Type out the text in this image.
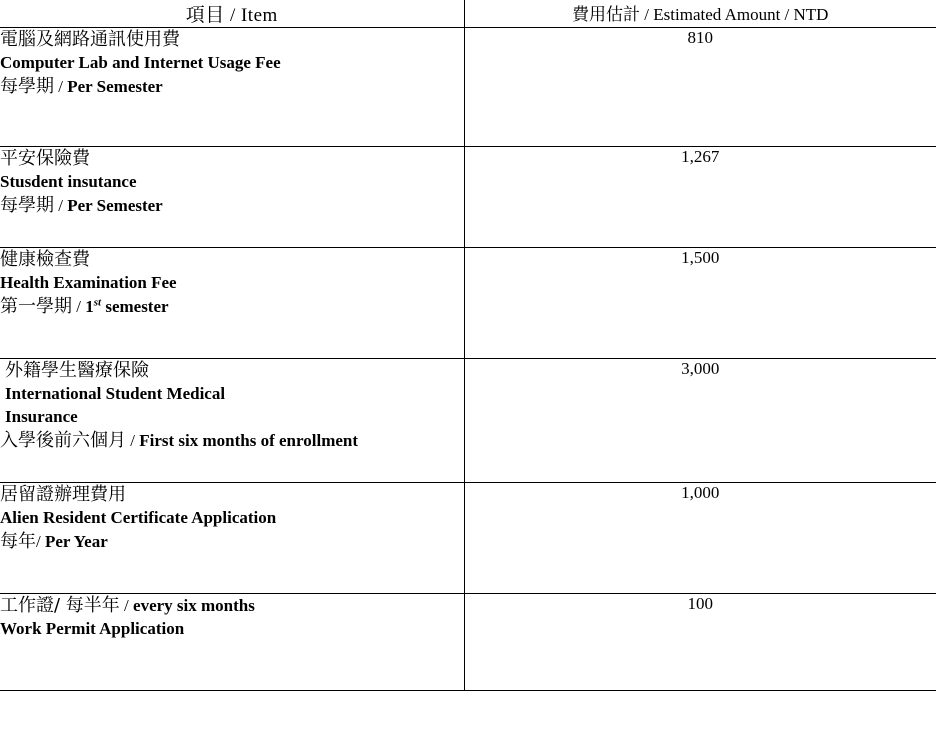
項目 / Item	費用估計 / Estimated Amount / NTD

電腦及網路通訊使用費
Computer Lab and Internet Usage Fee
每學期 / Per Semester	810

平安保險費
Stusdent insutance
每學期 / Per Semester	1,267

健康檢查費
Health Examination Fee
第一學期 / 1st semester	1,500

外籍學生醫療保險
International Student Medical
Insurance
入學後前六個月 / First six months of enrollment	3,000

居留證辦理費用
Alien Resident Certificate Application
每年/ Per Year	1,000

工作證/ 每半年 / every six months
Work Permit Application	100
